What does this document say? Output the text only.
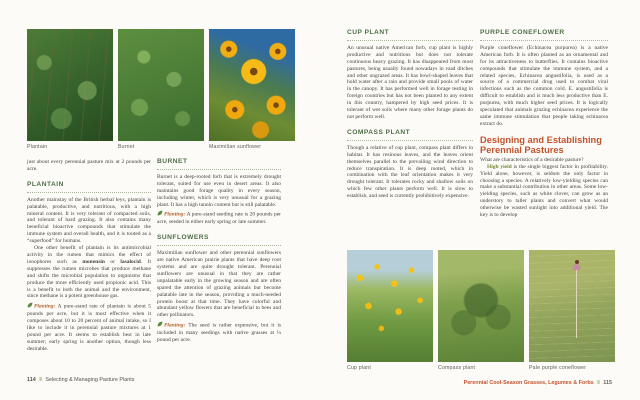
Plantain	Burnet	Maximilian sunflower

just about every perennial pasture mix at 2 pounds per acre.

PLANTAIN

Another mainstay of the British herbal leys, plantain is palatable, productive, and nutritious, with a high mineral content. It is very tolerant of compacted soils, and tolerant of hard grazing. It also contains many beneficial bioactive compounds that stimulate the immune system and overall health, and it is touted as a “superfood” for humans.

One other benefit of plantain is its antimicrobial activity in the rumen that mimics the effect of ionophores such as monensin or lasalocid. It suppresses the rumen microbes that produce methane and shifts the microbial population to organisms that produce the more efficiently used propionic acid. This is a benefit to both the animal and the environment, since methane is a potent greenhouse gas.

Planting: A pure-stand rate of plantain is about 5 pounds per acre, but it is most effective when it composes about 10 to 20 percent of animal intake, so I like to include it in perennial pasture mixtures at 1 pound per acre. It seems to establish best in late summer; early spring is another option, though less desirable.

BURNET

Burnet is a deep-rooted forb that is extremely drought tolerant, suited for use even in desert areas. It also maintains good forage quality in every season, including winter, which is very unusual for a grazing plant. It has a high tannin content but is still palatable.

Planting: A pure-stand seeding rate is 20 pounds per acre, seeded in either early spring or late summer.

SUNFLOWERS

Maximilian sunflower and other perennial sunflowers are native American prairie plants that have deep root systems and are quite drought tolerant. Perennial sunflowers are unusual in that they are rather unpalatable early in the growing season and are often spared the attention of grazing animals but become palatable late in the season, providing a much-needed protein boost at that time. They have colorful and abundant yellow flowers that are beneficial to bees and other pollinators.

Planting: The seed is rather expensive, but it is included in many seedings with native grasses at ¼ pound per acre.

CUP PLANT

An unusual native American forb, cup plant is highly productive and nutritious but does not tolerate continuous heavy grazing. It has disappeared from most pastures, being usually found nowadays in road ditches and other ungrazed areas. It has bowl-shaped leaves that hold water after a rain and provide small pools of water in the canopy. It has performed well in forage testing in foreign countries but has not been planted to any extent in this country, hampered by high seed prices. It is tolerant of wet soils where many other forage plants do not perform well.

COMPASS PLANT

Though a relative of cup plant, compass plant differs in habitat. It has resinous leaves, and the leaves orient themselves parallel to the prevailing wind direction to reduce transpiration. It is deep rooted, which in combination with the leaf orientation makes it very drought tolerant. It tolerates rocky and shallow soils on which few other plants perform well. It is slow to establish, and seed is currently prohibitively expensive.

PURPLE CONEFLOWER

Purple coneflower (Echinacea purpurea) is a native American forb. It is often planted as an ornamental and for its attractiveness to butterflies. It contains bioactive compounds that stimulate the immune system, and a related species, Echinacea angustifolia, is used as a source of a commercial drug used to combat viral infections such as the common cold. E. angustifolia is difficult to establish and is much less productive than E. purpurea, with much higher seed prices. It is logically speculated that animals grazing echinacea experience the same immune stimulation that people taking echinacea extract do.

Designing and Establishing Perennial Pastures

What are characteristics of a desirable pasture?

High yield is the single biggest factor in profitability. Yield alone, however, is seldom the only factor in choosing a species. A relatively low-yielding species can make a substantial contribution in other areas. Some low-yielding species, such as white clover, can grow as an understory to taller plants and convert what would otherwise be wasted sunlight into additional yield. The key is to develop

Cup plant	Compass plant	Pale purple coneflower
114 ‖ Selecting & Managing Pasture Plants	Perennial Cool-Season Grasses, Legumes & Forbs ‖ 115
